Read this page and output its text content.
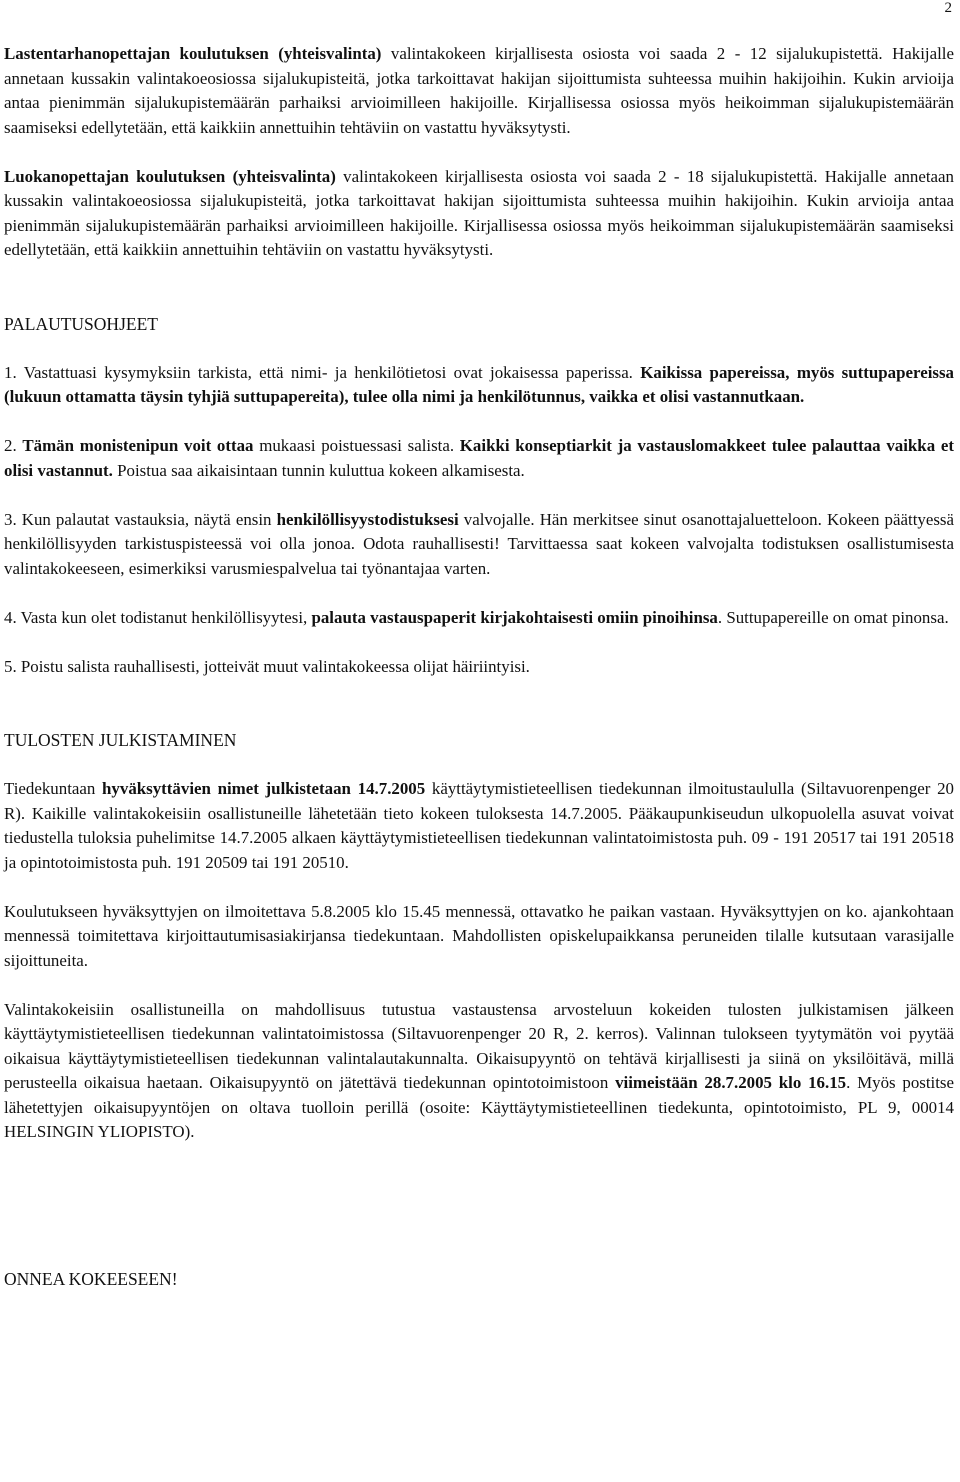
2

Lastentarhanopettajan koulutuksen (yhteisvalinta) valintakokeen kirjallisesta osiosta voi saada 2 - 12 sijalukupistettä. Hakijalle annetaan kussakin valintakoeosiossa sijalukupisteitä, jotka tarkoittavat hakijan sijoittumista suhteessa muihin hakijoihin. Kukin arvioija antaa pienimmän sijalukupistemäärän parhaiksi arvioimilleen hakijoille. Kirjallisessa osiossa myös heikoimman sijalukupistemäärän saamiseksi edellytetään, että kaikkiin annettuihin tehtäviin on vastattu hyväksytysti.

Luokanopettajan koulutuksen (yhteisvalinta) valintakokeen kirjallisesta osiosta voi saada 2 - 18 sijalukupistettä. Hakijalle annetaan kussakin valintakoeosiossa sijalukupisteitä, jotka tarkoittavat hakijan sijoittumista suhteessa muihin hakijoihin. Kukin arvioija antaa pienimmän sijalukupistemäärän parhaiksi arvioimilleen hakijoille. Kirjallisessa osiossa myös heikoimman sijalukupistemäärän saamiseksi edellytetään, että kaikkiin annettuihin tehtäviin on vastattu hyväksytysti.

PALAUTUSOHJEET

1. Vastattuasi kysymyksiin tarkista, että nimi- ja henkilötietosi ovat jokaisessa paperissa. Kaikissa papereissa, myös suttupapereissa (lukuun ottamatta täysin tyhjiä suttupapereita), tulee olla nimi ja henkilötunnus, vaikka et olisi vastannutkaan.

2. Tämän monistenipun voit ottaa mukaasi poistuessasi salista. Kaikki konseptiarkit ja vastauslomakkeet tulee palauttaa vaikka et olisi vastannut. Poistua saa aikaisintaan tunnin kuluttua kokeen alkamisesta.

3. Kun palautat vastauksia, näytä ensin henkilöllisyystodistuksesi valvojalle. Hän merkitsee sinut osanottajaluetteloon. Kokeen päättyessä henkilöllisyyden tarkistuspisteessä voi olla jonoa. Odota rauhallisesti! Tarvittaessa saat kokeen valvojalta todistuksen osallistumisesta valintakokeeseen, esimerkiksi varusmiespalvelua tai työnantajaa varten.

4. Vasta kun olet todistanut henkilöllisyytesi, palauta vastauspaperit kirjakohtaisesti omiin pinoihinsa. Suttupapereille on omat pinonsa.

5. Poistu salista rauhallisesti, jotteivät muut valintakokeessa olijat häiriintyisi.

TULOSTEN JULKISTAMINEN

Tiedekuntaan hyväksyttävien nimet julkistetaan 14.7.2005 käyttäytymistieteellisen tiedekunnan ilmoitustaululla (Siltavuorenpenger 20 R). Kaikille valintakokeisiin osallistuneille lähetetään tieto kokeen tuloksesta 14.7.2005. Pääkaupunkiseudun ulkopuolella asuvat voivat tiedustella tuloksia puhelimitse 14.7.2005 alkaen käyttäytymistieteellisen tiedekunnan valintatoimistosta puh. 09 - 191 20517 tai 191 20518 ja opintotoimistosta puh. 191 20509 tai 191 20510.

Koulutukseen hyväksyttyjen on ilmoitettava 5.8.2005 klo 15.45 mennessä, ottavatko he paikan vastaan. Hyväksyttyjen on ko. ajankohtaan mennessä toimitettava kirjoittautumisasiakirjansa tiedekuntaan. Mahdollisten opiskelupaikkansa peruneiden tilalle kutsutaan varasijalle sijoittuneita.

Valintakokeisiin osallistuneilla on mahdollisuus tutustua vastaustensa arvosteluun kokeiden tulosten julkistamisen jälkeen käyttäytymistieteellisen tiedekunnan valintatoimistossa (Siltavuorenpenger 20 R, 2. kerros). Valinnan tulokseen tyytymätön voi pyytää oikaisua käyttäytymistieteellisen tiedekunnan valintalautakunnalta. Oikaisupyyntö on tehtävä kirjallisesti ja siinä on yksilöitävä, millä perusteella oikaisua haetaan. Oikaisupyyntö on jätettävä tiedekunnan opintotoimistoon viimeistään 28.7.2005 klo 16.15. Myös postitse lähetettyjen oikaisupyyntöjen on oltava tuolloin perillä (osoite: Käyttäytymistieteellinen tiedekunta, opintotoimisto, PL 9, 00014 HELSINGIN YLIOPISTO).

ONNEA KOKEESEEN!
